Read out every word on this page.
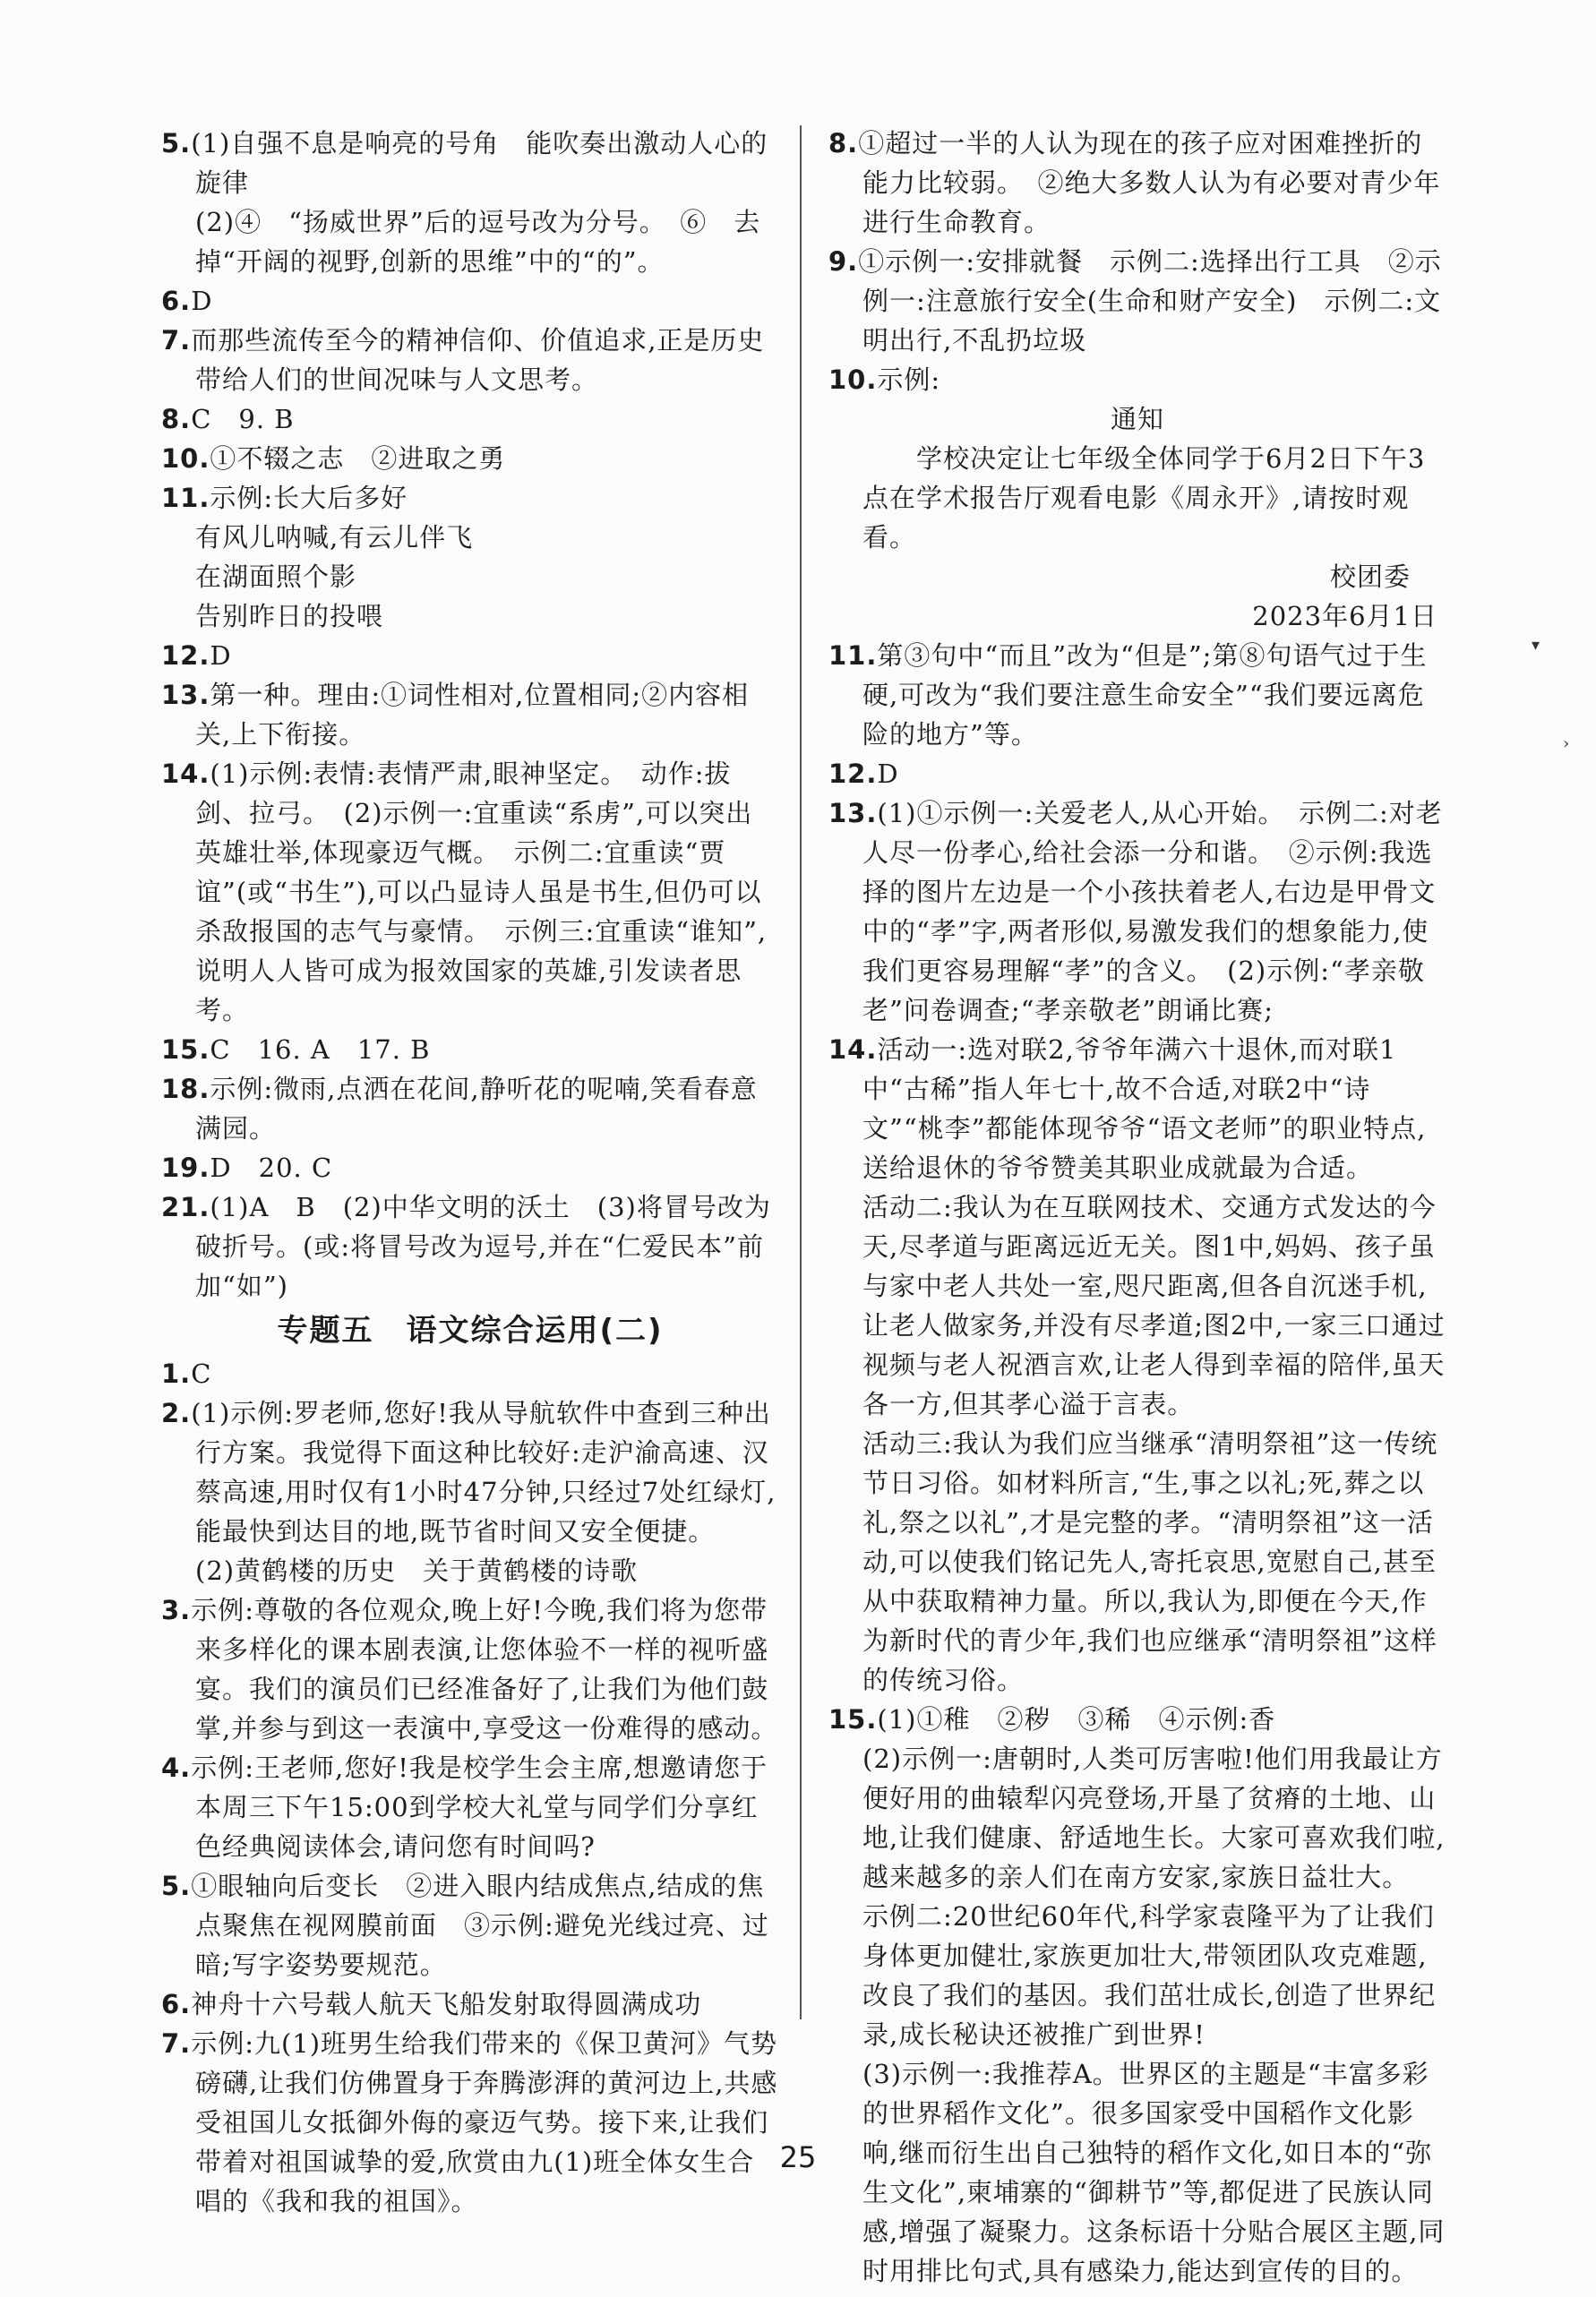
5.(1)自强不息是响亮的号角　能吹奏出激动人心的旋律
(2)④　“扬威世界”后的逗号改为分号。　⑥　去掉“开阔的视野,创新的思维”中的“的”。
6.D
7.而那些流传至今的精神信仰、价值追求,正是历史带给人们的世间况味与人文思考。
8.C　9. B
10.①不辍之志　②进取之勇
11.示例:长大后多好
有风儿呐喊,有云儿伴飞
在湖面照个影
告别昨日的投喂
12.D
13.第一种。理由:①词性相对,位置相同;②内容相关,上下衔接。
14.(1)示例:表情:表情严肃,眼神坚定。　动作:拔剑、拉弓。　(2)示例一:宜重读“系虏”,可以突出英雄壮举,体现豪迈气概。　示例二:宜重读“贾谊”(或“书生”),可以凸显诗人虽是书生,但仍可以杀敌报国的志气与豪情。　示例三:宜重读“谁知”,说明人人皆可成为报效国家的英雄,引发读者思考。
15.C　16. A　17. B
18.示例:微雨,点洒在花间,静听花的呢喃,笑看春意满园。
19.D　20. C
21.(1)A　B　(2)中华文明的沃土　(3)将冒号改为破折号。(或:将冒号改为逗号,并在“仁爱民本”前加“如”)
专题五　语文综合运用(二)
1.C
2.(1)示例:罗老师,您好!我从导航软件中查到三种出行方案。我觉得下面这种比较好:走沪渝高速、汉蔡高速,用时仅有1小时47分钟,只经过7处红绿灯,能最快到达目的地,既节省时间又安全便捷。
(2)黄鹤楼的历史　关于黄鹤楼的诗歌
3.示例:尊敬的各位观众,晚上好!今晚,我们将为您带来多样化的课本剧表演,让您体验不一样的视听盛宴。我们的演员们已经准备好了,让我们为他们鼓掌,并参与到这一表演中,享受这一份难得的感动。
4.示例:王老师,您好!我是校学生会主席,想邀请您于本周三下午15:00到学校大礼堂与同学们分享红色经典阅读体会,请问您有时间吗?
5.①眼轴向后变长　②进入眼内结成焦点,结成的焦点聚焦在视网膜前面　③示例:避免光线过亮、过暗;写字姿势要规范。
6.神舟十六号载人航天飞船发射取得圆满成功
7.示例:九(1)班男生给我们带来的《保卫黄河》气势磅礴,让我们仿佛置身于奔腾澎湃的黄河边上,共感受祖国儿女抵御外侮的豪迈气势。接下来,让我们带着对祖国诚挚的爱,欣赏由九(1)班全体女生合唱的《我和我的祖国》。
8.①超过一半的人认为现在的孩子应对困难挫折的能力比较弱。　②绝大多数人认为有必要对青少年进行生命教育。
9.①示例一:安排就餐　示例二:选择出行工具　②示例一:注意旅行安全(生命和财产安全)　示例二:文明出行,不乱扔垃圾
10.示例:
通知
学校决定让七年级全体同学于6月2日下午3点在学术报告厅观看电影《周永开》,请按时观看。
校团委
2023年6月1日
11.第③句中“而且”改为“但是”;第⑧句语气过于生硬,可改为“我们要注意生命安全”“我们要远离危险的地方”等。
12.D
13.(1)①示例一:关爱老人,从心开始。　示例二:对老人尽一份孝心,给社会添一分和谐。　②示例:我选择的图片左边是一个小孩扶着老人,右边是甲骨文中的“孝”字,两者形似,易激发我们的想象能力,使我们更容易理解“孝”的含义。　(2)示例:“孝亲敬老”问卷调查;“孝亲敬老”朗诵比赛;
14.活动一:选对联2,爷爷年满六十退休,而对联1中“古稀”指人年七十,故不合适,对联2中“诗文”“桃李”都能体现爷爷“语文老师”的职业特点,送给退休的爷爷赞美其职业成就最为合适。
活动二:我认为在互联网技术、交通方式发达的今天,尽孝道与距离远近无关。图1中,妈妈、孩子虽与家中老人共处一室,咫尺距离,但各自沉迷手机,让老人做家务,并没有尽孝道;图2中,一家三口通过视频与老人祝酒言欢,让老人得到幸福的陪伴,虽天各一方,但其孝心溢于言表。
活动三:我认为我们应当继承“清明祭祖”这一传统节日习俗。如材料所言,“生,事之以礼;死,葬之以礼,祭之以礼”,才是完整的孝。“清明祭祖”这一活动,可以使我们铭记先人,寄托哀思,宽慰自己,甚至从中获取精神力量。所以,我认为,即便在今天,作为新时代的青少年,我们也应继承“清明祭祖”这样的传统习俗。
15.(1)①稚　②秽　③稀　④示例:香
(2)示例一:唐朝时,人类可厉害啦!他们用我最让方便好用的曲辕犁闪亮登场,开垦了贫瘠的土地、山地,让我们健康、舒适地生长。大家可喜欢我们啦,越来越多的亲人们在南方安家,家族日益壮大。
示例二:20世纪60年代,科学家袁隆平为了让我们身体更加健壮,家族更加壮大,带领团队攻克难题,改良了我们的基因。我们茁壮成长,创造了世界纪录,成长秘诀还被推广到世界!
(3)示例一:我推荐A。世界区的主题是“丰富多彩的世界稻作文化”。很多国家受中国稻作文化影响,继而衍生出自己独特的稻作文化,如日本的“弥生文化”,柬埔寨的“御耕节”等,都促进了民族认同感,增强了凝聚力。这条标语十分贴合展区主题,同时用排比句式,具有感染力,能达到宣传的目的。
▾
›
25
